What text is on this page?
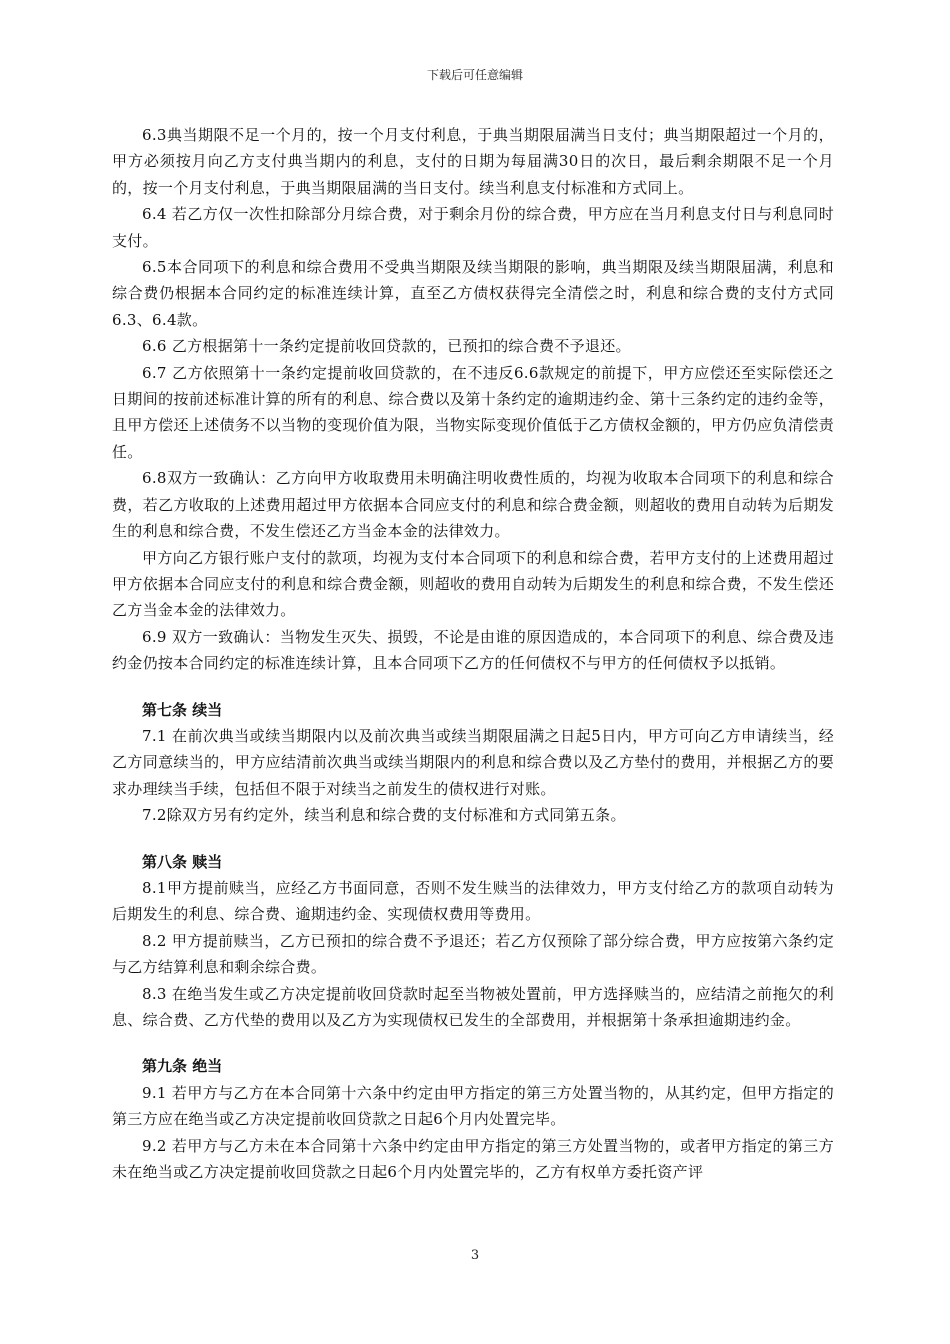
下载后可任意编辑

6.3典当期限不足一个月的，按一个月支付利息，于典当期限届满当日支付；典当期限超过一个月的，甲方必须按月向乙方支付典当期内的利息，支付的日期为每届满30日的次日，最后剩余期限不足一个月的，按一个月支付利息，于典当期限届满的当日支付。续当利息支付标准和方式同上。

6.4 若乙方仅一次性扣除部分月综合费，对于剩余月份的综合费，甲方应在当月利息支付日与利息同时支付。

6.5本合同项下的利息和综合费用不受典当期限及续当期限的影响，典当期限及续当期限届满，利息和综合费仍根据本合同约定的标准连续计算，直至乙方债权获得完全清偿之时，利息和综合费的支付方式同6.3、6.4款。

6.6 乙方根据第十一条约定提前收回贷款的，已预扣的综合费不予退还。

6.7 乙方依照第十一条约定提前收回贷款的，在不违反6.6款规定的前提下，甲方应偿还至实际偿还之日期间的按前述标准计算的所有的利息、综合费以及第十条约定的逾期违约金、第十三条约定的违约金等，且甲方偿还上述债务不以当物的变现价值为限，当物实际变现价值低于乙方债权金额的，甲方仍应负清偿责任。

6.8双方一致确认：乙方向甲方收取费用未明确注明收费性质的，均视为收取本合同项下的利息和综合费，若乙方收取的上述费用超过甲方依据本合同应支付的利息和综合费金额，则超收的费用自动转为后期发生的利息和综合费，不发生偿还乙方当金本金的法律效力。

甲方向乙方银行账户支付的款项，均视为支付本合同项下的利息和综合费，若甲方支付的上述费用超过甲方依据本合同应支付的利息和综合费金额，则超收的费用自动转为后期发生的利息和综合费，不发生偿还乙方当金本金的法律效力。

6.9 双方一致确认：当物发生灭失、损毁，不论是由谁的原因造成的，本合同项下的利息、综合费及违约金仍按本合同约定的标准连续计算，且本合同项下乙方的任何债权不与甲方的任何债权予以抵销。

第七条 续当

7.1 在前次典当或续当期限内以及前次典当或续当期限届满之日起5日内，甲方可向乙方申请续当，经乙方同意续当的，甲方应结清前次典当或续当期限内的利息和综合费以及乙方垫付的费用，并根据乙方的要求办理续当手续，包括但不限于对续当之前发生的债权进行对账。

7.2除双方另有约定外，续当利息和综合费的支付标准和方式同第五条。

第八条 赎当

8.1甲方提前赎当，应经乙方书面同意，否则不发生赎当的法律效力，甲方支付给乙方的款项自动转为后期发生的利息、综合费、逾期违约金、实现债权费用等费用。

8.2 甲方提前赎当，乙方已预扣的综合费不予退还；若乙方仅预除了部分综合费，甲方应按第六条约定与乙方结算利息和剩余综合费。

8.3 在绝当发生或乙方决定提前收回贷款时起至当物被处置前，甲方选择赎当的，应结清之前拖欠的利息、综合费、乙方代垫的费用以及乙方为实现债权已发生的全部费用，并根据第十条承担逾期违约金。

第九条 绝当

9.1 若甲方与乙方在本合同第十六条中约定由甲方指定的第三方处置当物的，从其约定，但甲方指定的第三方应在绝当或乙方决定提前收回贷款之日起6个月内处置完毕。

9.2 若甲方与乙方未在本合同第十六条中约定由甲方指定的第三方处置当物的，或者甲方指定的第三方未在绝当或乙方决定提前收回贷款之日起6个月内处置完毕的，乙方有权单方委托资产评

3
